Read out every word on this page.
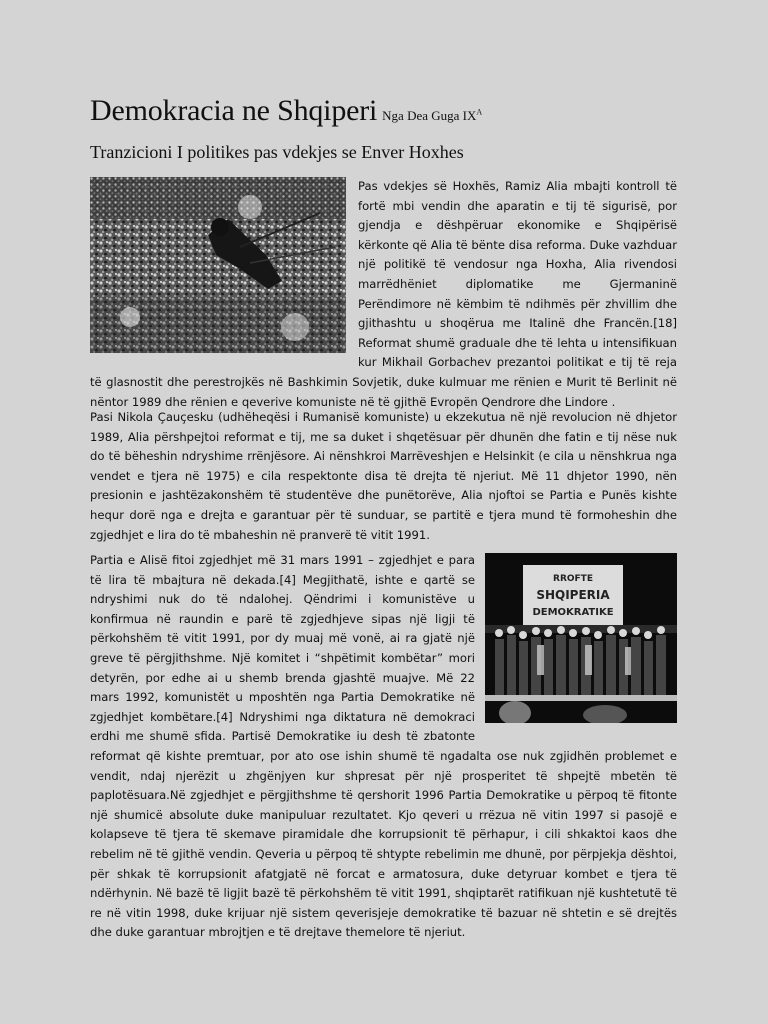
Demokracia ne Shqiperi Nga Dea Guga $IX^A$
Tranzicioni I politikes pas vdekjes se Enver Hoxhes

Pas vdekjes së Hoxhës, Ramiz Alia mbajti kontroll të fortë mbi vendin dhe aparatin e tij të sigurisë, por gjendja e dëshpëruar ekonomike e Shqipërisë kërkonte që Alia të bënte disa reforma. Duke vazhduar një politikë të vendosur nga Hoxha, Alia rivendosi marrëdhëniet diplomatike me Gjermaninë Perëndimore në këmbim të ndihmës për zhvillim dhe gjithashtu u shoqërua me Italinë dhe Francën.[18] Reformat shumë graduale dhe të lehta u intensifikuan kur Mikhail Gorbachev prezantoi politikat e tij të reja të glasnostit dhe perestrojkës në Bashkimin Sovjetik, duke kulmuar me rënien e Murit të Berlinit në nëntor 1989 dhe rënien e qeverive komuniste në të gjithë Evropën Qendrore dhe Lindore .

Pasi Nikola Çauçesku (udhëheqësi i Rumanisë komuniste) u ekzekutua në një revolucion në dhjetor 1989, Alia përshpejtoi reformat e tij, me sa duket i shqetësuar për dhunën dhe fatin e tij nëse nuk do të bëheshin ndryshime rrënjësore. Ai nënshkroi Marrëveshjen e Helsinkit (e cila u nënshkrua nga vendet e tjera në 1975) e cila respektonte disa të drejta të njeriut. Më 11 dhjetor 1990, nën presionin e jashtëzakonshëm të studentëve dhe punëtorëve, Alia njoftoi se Partia e Punës kishte hequr dorë nga e drejta e garantuar për të sunduar, se partitë e tjera mund të formoheshin dhe zgjedhjet e lira do të mbaheshin në pranverë të vitit 1991.

RROFTE
SHQIPERIA
DEMOKRATIKE
Partia e Alisë fitoi zgjedhjet më 31 mars 1991 – zgjedhjet e para të lira të mbajtura në dekada.[4] Megjithatë, ishte e qartë se ndryshimi nuk do të ndalohej. Qëndrimi i komunistëve u konfirmua në raundin e parë të zgjedhjeve sipas një ligji të përkohshëm të vitit 1991, por dy muaj më vonë, ai ra gjatë një greve të përgjithshme. Një komitet i “shpëtimit kombëtar” mori detyrën, por edhe ai u shemb brenda gjashtë muajve. Më 22 mars 1992, komunistët u mposhtën nga Partia Demokratike në zgjedhjet kombëtare.[4] Ndryshimi nga diktatura në demokraci erdhi me shumë sfida. Partisë Demokratike iu desh të zbatonte reformat që kishte premtuar, por ato ose ishin shumë të ngadalta ose nuk zgjidhën problemet e vendit, ndaj njerëzit u zhgënjyen kur shpresat për një prosperitet të shpejtë mbetën të paplotësuara.Në zgjedhjet e përgjithshme të qershorit 1996 Partia Demokratike u përpoq të fitonte një shumicë absolute duke manipuluar rezultatet. Kjo qeveri u rrëzua në vitin 1997 si pasojë e kolapseve të tjera të skemave piramidale dhe korrupsionit të përhapur, i cili shkaktoi kaos dhe rebelim në të gjithë vendin. Qeveria u përpoq të shtypte rebelimin me dhunë, por përpjekja dështoi, për shkak të korrupsionit afatgjatë në forcat e armatosura, duke detyruar kombet e tjera të ndërhynin. Në bazë të ligjit bazë të përkohshëm të vitit 1991, shqiptarët ratifikuan një kushtetutë të re në vitin 1998, duke krijuar një sistem qeverisjeje demokratike të bazuar në shtetin e së drejtës dhe duke garantuar mbrojtjen e të drejtave themelore të njeriut.
